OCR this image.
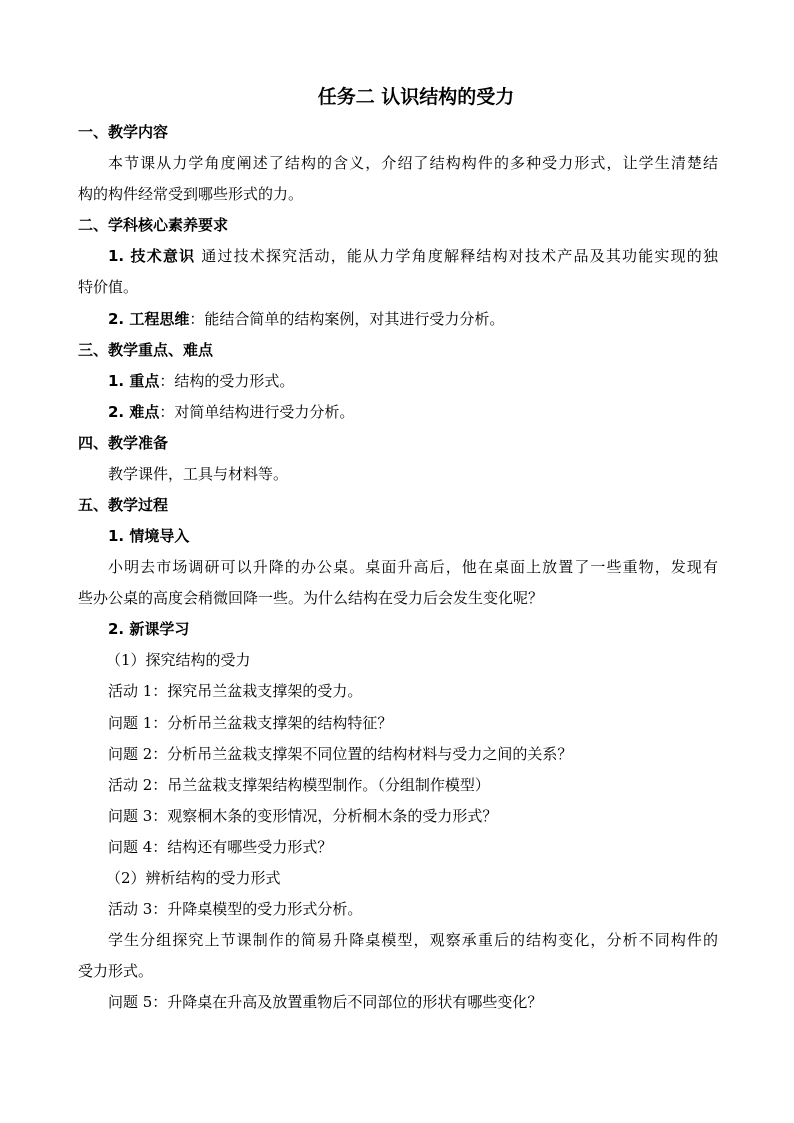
任务二 认识结构的受力
一、教学内容
本节课从力学角度阐述了结构的含义，介绍了结构构件的多种受力形式，让学生清楚结
构的构件经常受到哪些形式的力。
二、学科核心素养要求
1. 技术意识 通过技术探究活动，能从力学角度解释结构对技术产品及其功能实现的独
特价值。
2. 工程思维：能结合简单的结构案例，对其进行受力分析。
三、教学重点、难点
1. 重点：结构的受力形式。
2. 难点：对简单结构进行受力分析。
四、教学准备
教学课件，工具与材料等。
五、教学过程
1. 情境导入
小明去市场调研可以升降的办公桌。桌面升高后，他在桌面上放置了一些重物，发现有
些办公桌的高度会稍微回降一些。为什么结构在受力后会发生变化呢？
2. 新课学习
（1）探究结构的受力
活动 1：探究吊兰盆栽支撑架的受力。
问题 1：分析吊兰盆栽支撑架的结构特征？
问题 2：分析吊兰盆栽支撑架不同位置的结构材料与受力之间的关系？
活动 2：吊兰盆栽支撑架结构模型制作。（分组制作模型）
问题 3：观察桐木条的变形情况，分析桐木条的受力形式？
问题 4：结构还有哪些受力形式？
（2）辨析结构的受力形式
活动 3：升降桌模型的受力形式分析。
学生分组探究上节课制作的简易升降桌模型，观察承重后的结构变化，分析不同构件的
受力形式。
问题 5：升降桌在升高及放置重物后不同部位的形状有哪些变化？
